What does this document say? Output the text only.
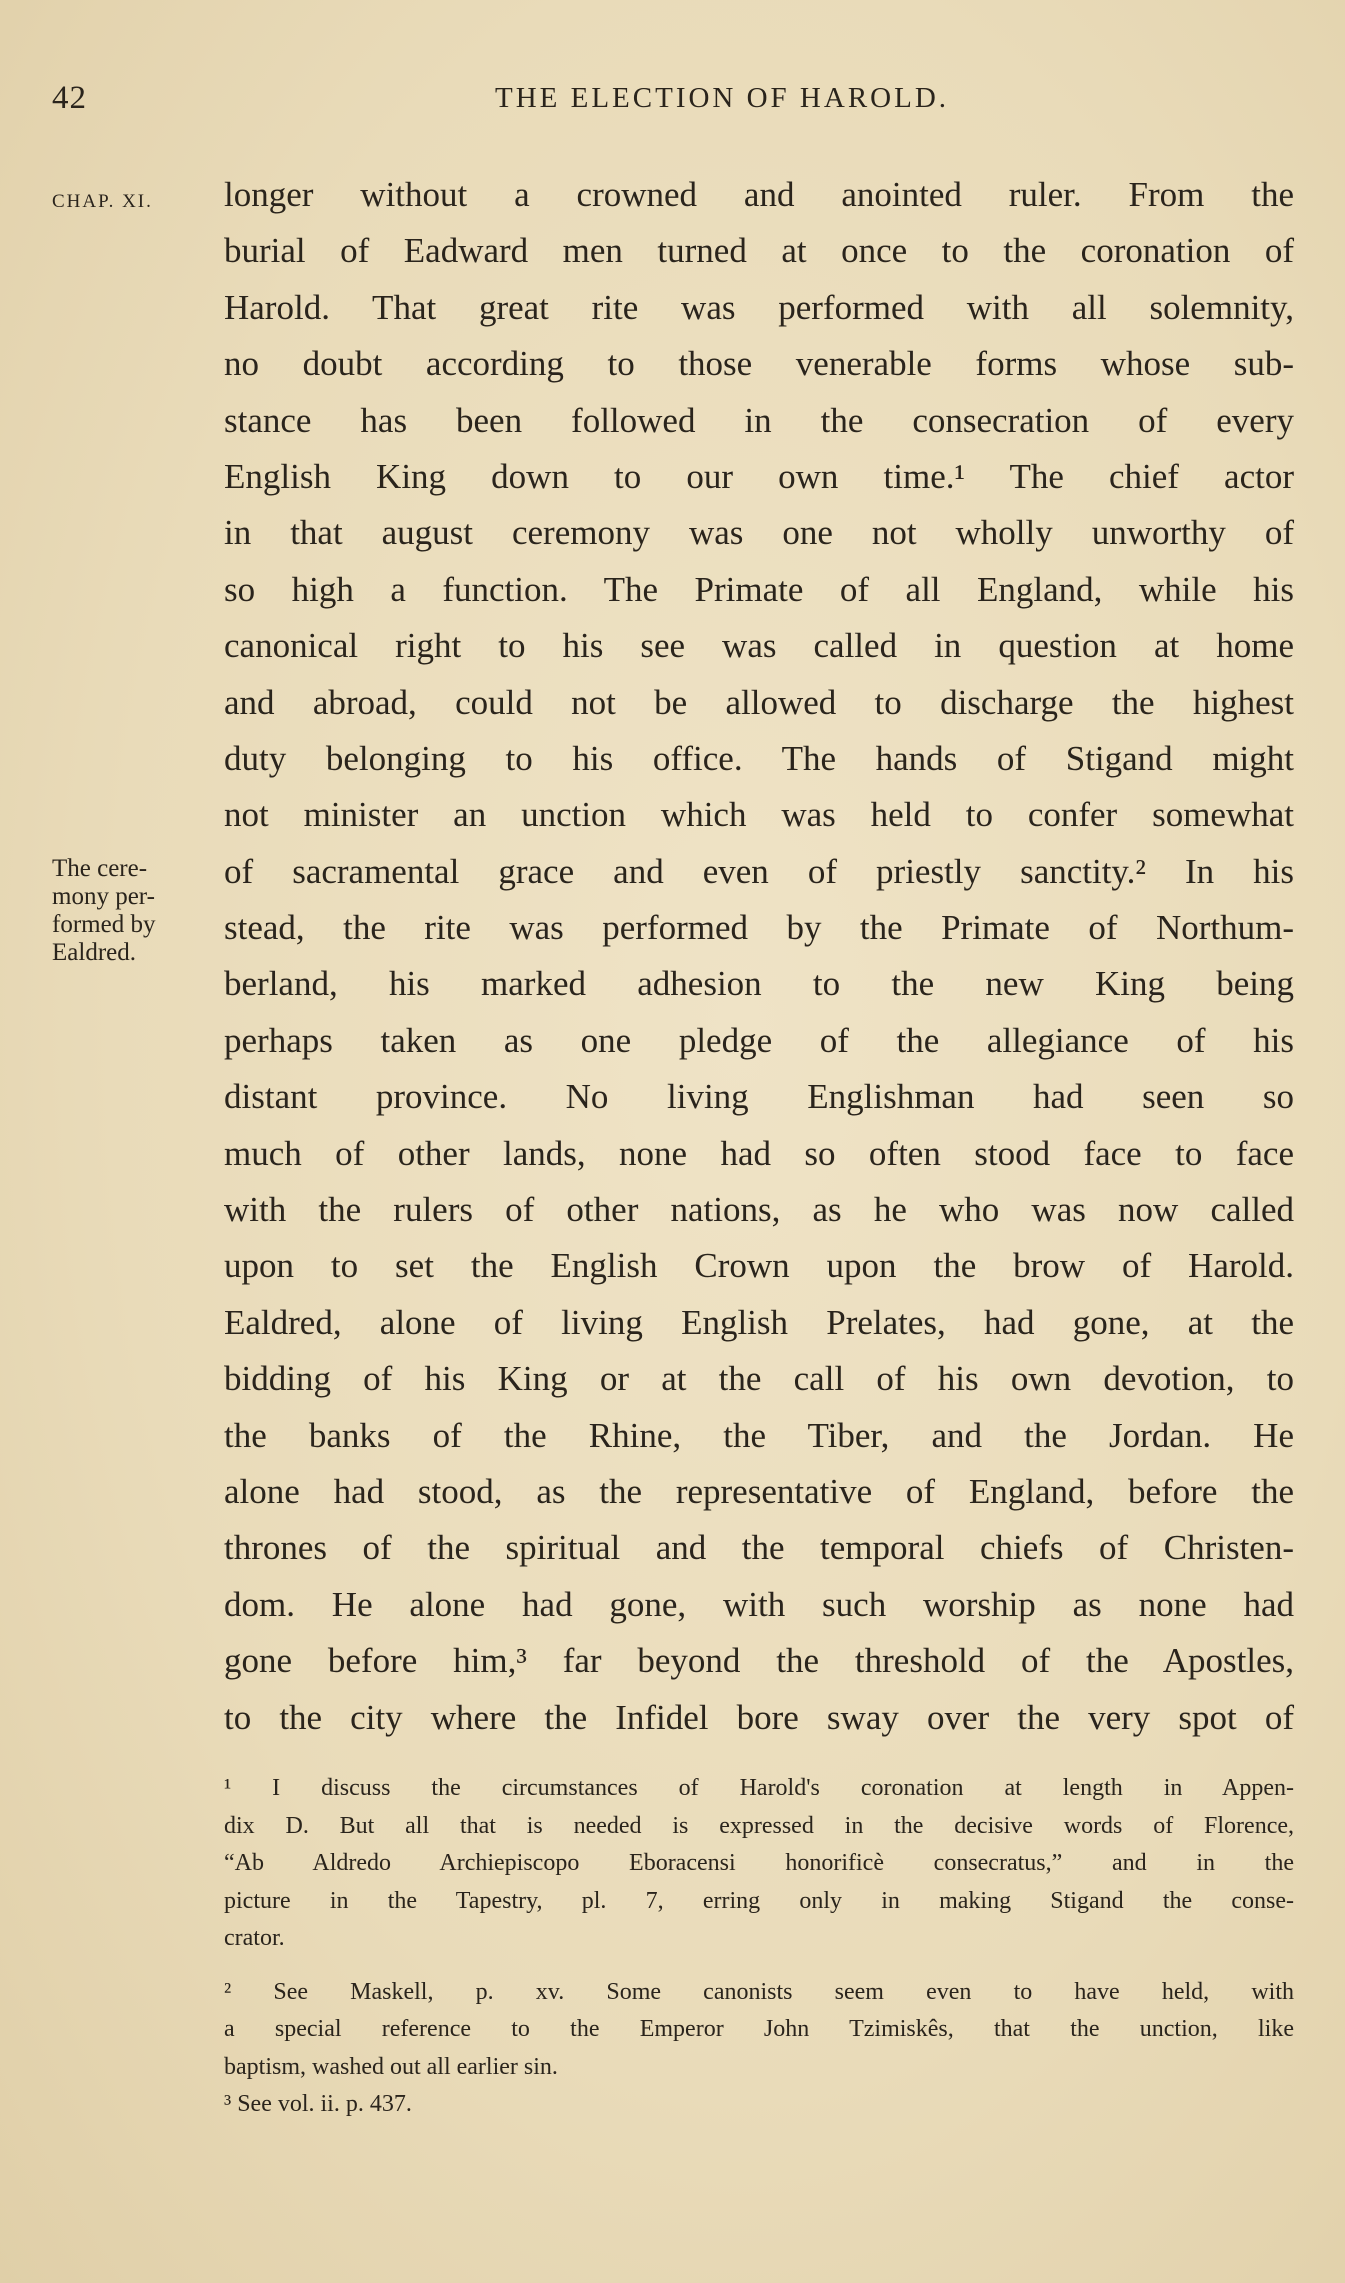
42	THE ELECTION OF HAROLD.
CHAP. XI.
The cere-
mony per-
formed by
Ealdred.
longer without a crowned and anointed ruler. From the
burial of Eadward men turned at once to the coronation of
Harold. That great rite was performed with all solemnity,
no doubt according to those venerable forms whose sub-
stance has been followed in the consecration of every
English King down to our own time.¹ The chief actor
in that august ceremony was one not wholly unworthy of
so high a function. The Primate of all England, while his
canonical right to his see was called in question at home
and abroad, could not be allowed to discharge the highest
duty belonging to his office. The hands of Stigand might
not minister an unction which was held to confer somewhat
of sacramental grace and even of priestly sanctity.² In his
stead, the rite was performed by the Primate of Northum-
berland, his marked adhesion to the new King being
perhaps taken as one pledge of the allegiance of his
distant province. No living Englishman had seen so
much of other lands, none had so often stood face to face
with the rulers of other nations, as he who was now called
upon to set the English Crown upon the brow of Harold.
Ealdred, alone of living English Prelates, had gone, at the
bidding of his King or at the call of his own devotion, to
the banks of the Rhine, the Tiber, and the Jordan. He
alone had stood, as the representative of England, before the
thrones of the spiritual and the temporal chiefs of Christen-
dom. He alone had gone, with such worship as none had
gone before him,³ far beyond the threshold of the Apostles,
to the city where the Infidel bore sway over the very spot of
¹ I discuss the circumstances of Harold's coronation at length in Appen-
dix D. But all that is needed is expressed in the decisive words of Florence,
“Ab Aldredo Archiepiscopo Eboracensi honorificè consecratus,” and in the
picture in the Tapestry, pl. 7, erring only in making Stigand the conse-
crator.
² See Maskell, p. xv. Some canonists seem even to have held, with
a special reference to the Emperor John Tzimiskês, that the unction, like
baptism, washed out all earlier sin.
³ See vol. ii. p. 437.
